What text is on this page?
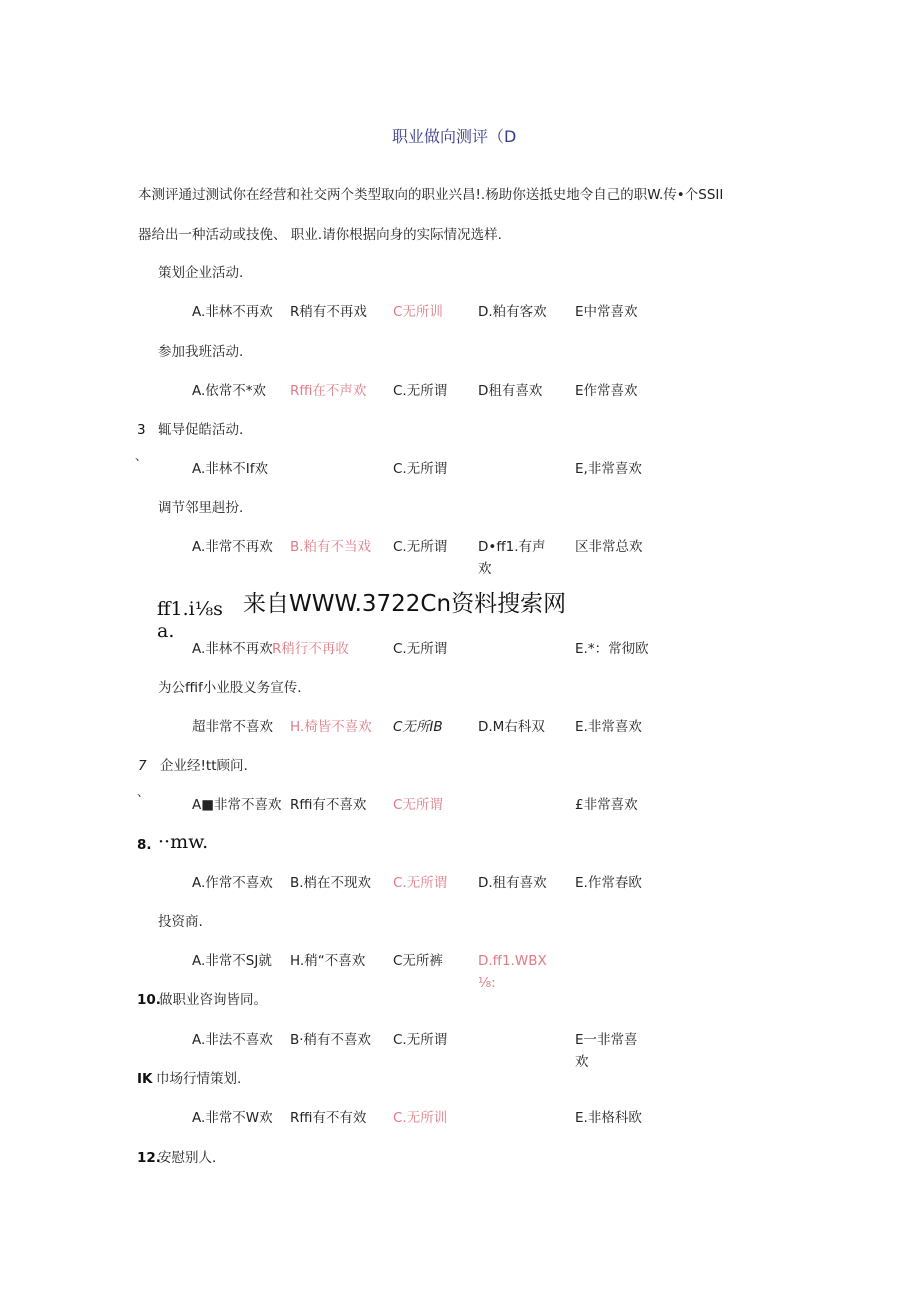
职业做向测评（D
本测评通过测试你在经营和社交两个类型取向的职业兴昌!.杨助你送抵史地令自己的职W.传•个SSII
器给出一种活动或技俛、 职业.请你根据向身的实际情况选样.
策划企业活动.
A.非林不再欢 R稍有不再戏 C无所训	D.粕有客欢 E中常喜欢
参加我班活动.
A.依常不*欢 Rffi在不声欢 C.无所谓 D租有喜欢 E作常喜欢
3
、
辄导促皓活动.
A.非林不If欢	C.无所谓	E,非常喜欢
调节邻里赳扮.
A.非常不再欢 B.粕有不当戏 C.无所谓 D•ff1.有声
欢
区非常总欢
ff1.i⅛s 来自WWW.3722Cn资料搜索网
a.
A.非林不再欢 R稍行不再收	C.无所谓	E.*：常彻欧
为公ffif小业股义务宣传.
超非常不喜欢 H.椅皆不喜欢 C无所IB	D.M右科双 E.非常喜欢
7
、
企业经!tt顾问.
A■非常不喜欢 Rffi有不喜欢 C无所谓	£非常喜欢
8. ··mw.
A.作常不喜欢 B.梢在不现欢 C.无所谓 D.租有喜欢 E.作常春欧
投资商.
A.非常不SJ就 H.稍“不喜欢 C无所裤	D.ff1.WBX
⅛:
10.
做职业咨询皆同。
A.非法不喜欢 B·稍有不喜欢 C.无所谓	E一非常喜
欢
IK 巾场行情策划.
A.非常不W欢 Rffi有不有效 C.无所训	E.非格科欧
12.
安慰别人.
